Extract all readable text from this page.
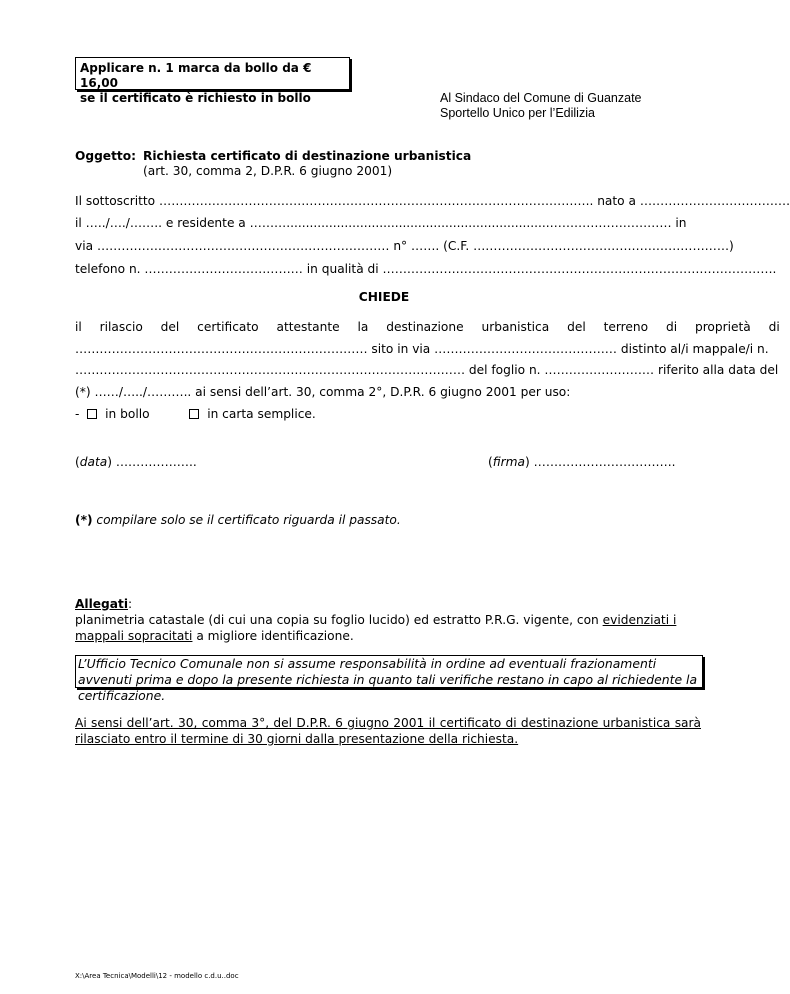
Applicare n. 1 marca da bollo da € 16,00
se il certificato è richiesto in bollo	Al Sindaco del Comune di Guanzate
Sportello Unico per l’Edilizia
Oggetto: Richiesta certificato di destinazione urbanistica
(art. 30, comma 2, D.P.R. 6 giugno 2001)
Il sottoscritto …………………………………………………………………………………………….. nato a ……………………………….
il …../…./…….. e residente a ………....................................................................………………………… in
via ……………………………………………………………… n° ……. (C.F. ………………………………………………………)
telefono n. ………………………………… in qualità di …………………………………………………………………………………….
CHIEDE
il rilascio del certificato attestante la destinazione urbanistica del terreno di proprietà di
……………………………………………………………… sito in via ……………………………………… distinto al/i mappale/i n.
…………………………………………………………………………………… del foglio n. ……………………… riferito alla data del
(*) ……/…../……….. ai sensi dell’art. 30, comma 2°, D.P.R. 6 giugno 2001 per uso:
- in bollo	in carta semplice.
(data) ………………..	(firma) ……………………………..
(*) compilare solo se il certificato riguarda il passato.
Allegati:
planimetria catastale (di cui una copia su foglio lucido) ed estratto P.R.G. vigente, con evidenziati i mappali sopracitati a migliore identificazione.
L’Ufficio Tecnico Comunale non si assume responsabilità in ordine ad eventuali frazionamenti avvenuti prima e dopo la presente richiesta in quanto tali verifiche restano in capo al richiedente la certificazione.
Ai sensi dell’art. 30, comma 3°, del D.P.R. 6 giugno 2001 il certificato di destinazione urbanistica sarà rilasciato entro il termine di 30 giorni dalla presentazione della richiesta.
X:\Area Tecnica\Modelli\12 - modello c.d.u..doc
